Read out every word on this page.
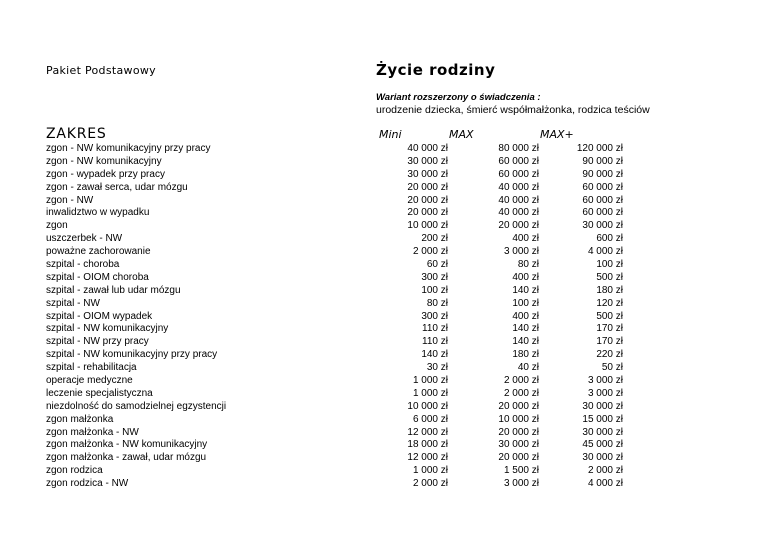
Pakiet Podstawowy	Życie rodziny
Wariant rozszerzony o świadczenia :
urodzenie dziecka, śmierć współmałżonka, rodzica teściów
ZAKRES	Mini	MAX	MAX+
zgon - NW komunikacyjny przy pracy	40 000 zł	80 000 zł	120 000 zł
zgon - NW komunikacyjny	30 000 zł	60 000 zł	90 000 zł
zgon - wypadek przy pracy	30 000 zł	60 000 zł	90 000 zł
zgon - zawał serca, udar mózgu	20 000 zł	40 000 zł	60 000 zł
zgon - NW	20 000 zł	40 000 zł	60 000 zł
inwalidztwo w wypadku	20 000 zł	40 000 zł	60 000 zł
zgon	10 000 zł	20 000 zł	30 000 zł
uszczerbek - NW	200 zł	400 zł	600 zł
poważne zachorowanie	2 000 zł	3 000 zł	4 000 zł
szpital - choroba	60 zł	80 zł	100 zł
szpital - OIOM choroba	300 zł	400 zł	500 zł
szpital - zawał lub udar mózgu	100 zł	140 zł	180 zł
szpital - NW	80 zł	100 zł	120 zł
szpital - OIOM wypadek	300 zł	400 zł	500 zł
szpital - NW komunikacyjny	110 zł	140 zł	170 zł
szpital - NW przy pracy	110 zł	140 zł	170 zł
szpital - NW komunikacyjny przy pracy	140 zł	180 zł	220 zł
szpital - rehabilitacja	30 zł	40 zł	50 zł
operacje medyczne	1 000 zł	2 000 zł	3 000 zł
leczenie specjalistyczna	1 000 zł	2 000 zł	3 000 zł
niezdolność do samodzielnej egzystencji	10 000 zł	20 000 zł	30 000 zł
zgon małżonka	6 000 zł	10 000 zł	15 000 zł
zgon małżonka - NW	12 000 zł	20 000 zł	30 000 zł
zgon małżonka - NW komunikacyjny	18 000 zł	30 000 zł	45 000 zł
zgon małżonka - zawał, udar mózgu	12 000 zł	20 000 zł	30 000 zł
zgon rodzica	1 000 zł	1 500 zł	2 000 zł
zgon rodzica - NW	2 000 zł	3 000 zł	4 000 zł
